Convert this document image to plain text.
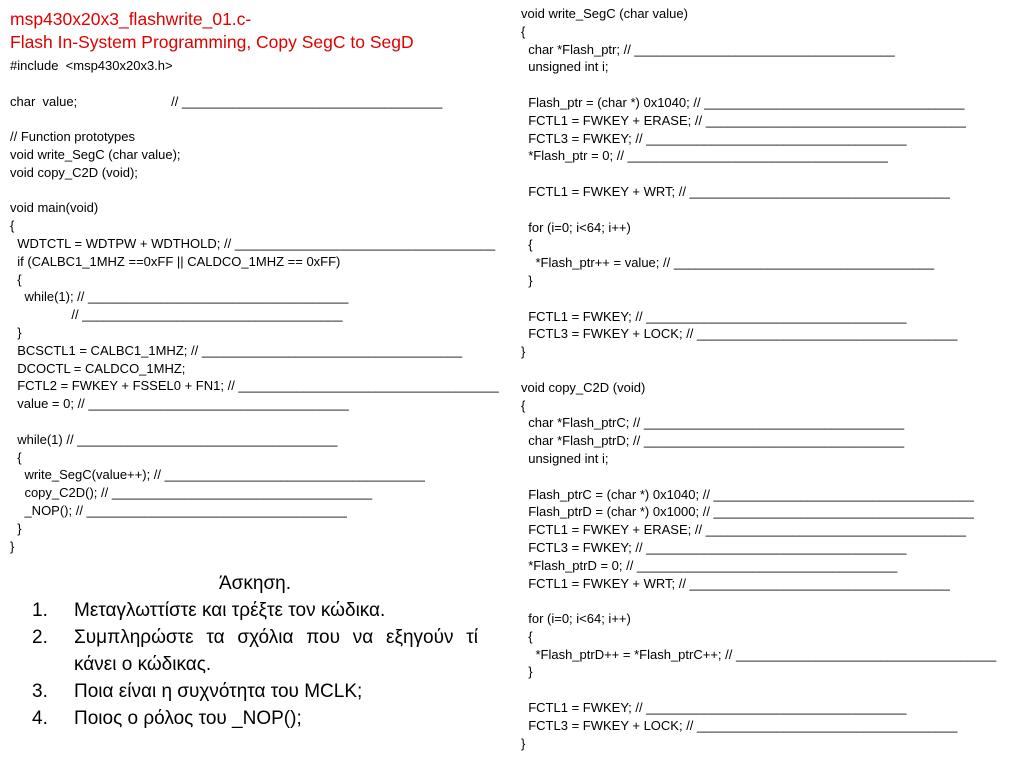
msp430x20x3_flashwrite_01.c-
Flash In-System Programming, Copy SegC to SegD
#include  <msp430x20x3.h>
char  value;                          // ____________________________________
// Function prototypes
void write_SegC (char value);
void copy_C2D (void);
void main(void)
{
WDTCTL = WDTPW + WDTHOLD; // ____________________________________
if (CALBC1_1MHZ ==0xFF || CALDCO_1MHZ == 0xFF)
{
while(1); // ____________________________________
// ____________________________________
}
BCSCTL1 = CALBC1_1MHZ; // ____________________________________
DCOCTL = CALDCO_1MHZ;
FCTL2 = FWKEY + FSSEL0 + FN1; // ____________________________________
value = 0; // ____________________________________
while(1) // ____________________________________
{
write_SegC(value++); // ____________________________________
copy_C2D(); // ____________________________________
_NOP(); // ____________________________________
}
}
void write_SegC (char value)
{
char *Flash_ptr; // ____________________________________
unsigned int i;
Flash_ptr = (char *) 0x1040; // ____________________________________
FCTL1 = FWKEY + ERASE; // ____________________________________
FCTL3 = FWKEY; // ____________________________________
*Flash_ptr = 0; // ____________________________________
FCTL1 = FWKEY + WRT; // ____________________________________
for (i=0; i<64; i++)
{
*Flash_ptr++ = value; // ____________________________________
}
FCTL1 = FWKEY; // ____________________________________
FCTL3 = FWKEY + LOCK; // ____________________________________
}
void copy_C2D (void)
{
char *Flash_ptrC; // ____________________________________
char *Flash_ptrD; // ____________________________________
unsigned int i;
Flash_ptrC = (char *) 0x1040; // ____________________________________
Flash_ptrD = (char *) 0x1000; // ____________________________________
FCTL1 = FWKEY + ERASE; // ____________________________________
FCTL3 = FWKEY; // ____________________________________
*Flash_ptrD = 0; // ____________________________________
FCTL1 = FWKEY + WRT; // ____________________________________
for (i=0; i<64; i++)
{
*Flash_ptrD++ = *Flash_ptrC++; // ____________________________________
}
FCTL1 = FWKEY; // ____________________________________
FCTL3 = FWKEY + LOCK; // ____________________________________
}
Άσκηση.
1. Μεταγλωττίστε και τρέξτε τον κώδικα.
2. Συμπληρώστε τα σχόλια που να εξηγούν τί κάνει ο κώδικας.
3. Ποια είναι η συχνότητα του MCLK;
4. Ποιος ο ρόλος του _NOP();
